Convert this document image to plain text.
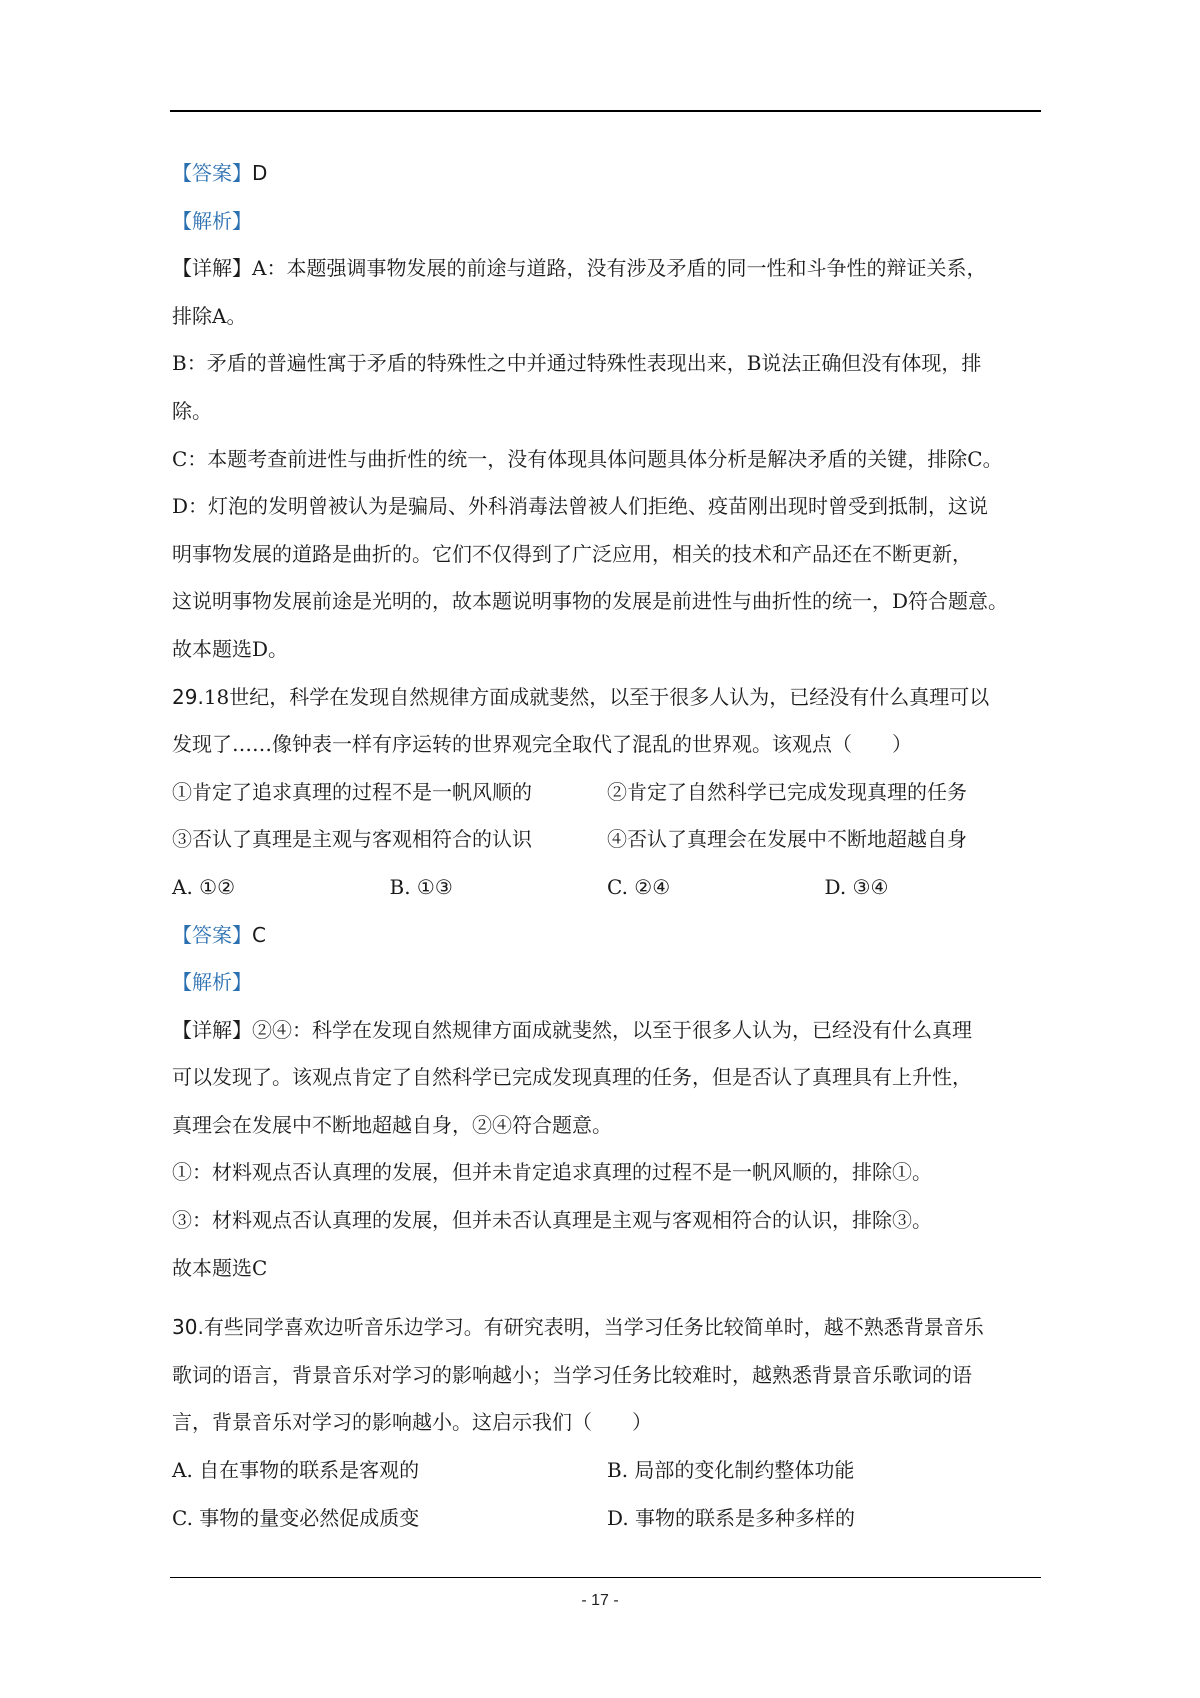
【答案】D
【解析】
【详解】A：本题强调事物发展的前途与道路，没有涉及矛盾的同一性和斗争性的辩证关系，
排除A。
B：矛盾的普遍性寓于矛盾的特殊性之中并通过特殊性表现出来，B说法正确但没有体现，排
除。
C：本题考查前进性与曲折性的统一，没有体现具体问题具体分析是解决矛盾的关键，排除C。
D：灯泡的发明曾被认为是骗局、外科消毒法曾被人们拒绝、疫苗刚出现时曾受到抵制，这说
明事物发展的道路是曲折的。它们不仅得到了广泛应用，相关的技术和产品还在不断更新，
这说明事物发展前途是光明的，故本题说明事物的发展是前进性与曲折性的统一，D符合题意。
故本题选D。
29.18世纪，科学在发现自然规律方面成就斐然，以至于很多人认为，已经没有什么真理可以
发现了……像钟表一样有序运转的世界观完全取代了混乱的世界观。该观点（　　）
①肯定了追求真理的过程不是一帆风顺的	②肯定了自然科学已完成发现真理的任务
③否认了真理是主观与客观相符合的认识	④否认了真理会在发展中不断地超越自身
A. ①②	B. ①③	C. ②④	D. ③④
【答案】C
【解析】
【详解】②④：科学在发现自然规律方面成就斐然，以至于很多人认为，已经没有什么真理
可以发现了。该观点肯定了自然科学已完成发现真理的任务，但是否认了真理具有上升性，
真理会在发展中不断地超越自身，②④符合题意。
①：材料观点否认真理的发展，但并未肯定追求真理的过程不是一帆风顺的，排除①。
③：材料观点否认真理的发展，但并未否认真理是主观与客观相符合的认识，排除③。
故本题选C
30.有些同学喜欢边听音乐边学习。有研究表明，当学习任务比较简单时，越不熟悉背景音乐
歌词的语言，背景音乐对学习的影响越小；当学习任务比较难时，越熟悉背景音乐歌词的语
言，背景音乐对学习的影响越小。这启示我们（　　）
A. 自在事物的联系是客观的	B. 局部的变化制约整体功能
C. 事物的量变必然促成质变	D. 事物的联系是多种多样的
- 17 -
